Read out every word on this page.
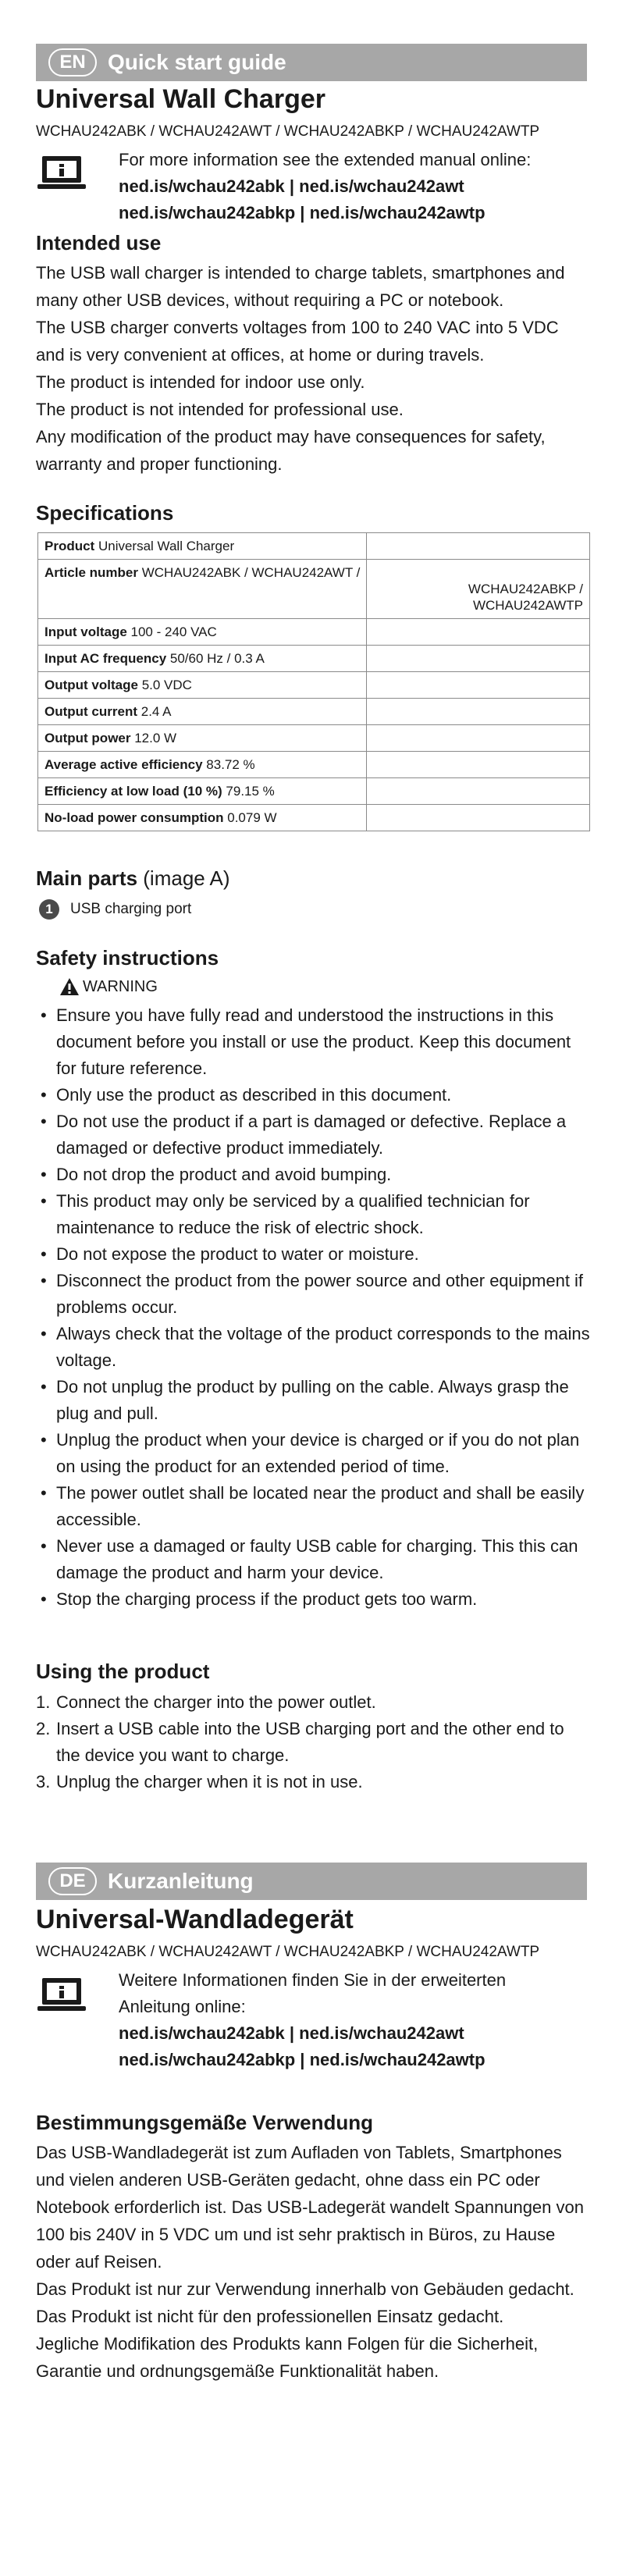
EN	Quick start guide
Universal Wall Charger
WCHAU242ABK / WCHAU242AWT / WCHAU242ABKP / WCHAU242AWTP
For more information see the extended manual online:
ned.is/wchau242abk | ned.is/wchau242awt
ned.is/wchau242abkp | ned.is/wchau242awtp
Intended use
The USB wall charger is intended to charge tablets, smartphones and many other USB devices, without requiring a PC or notebook.
The USB charger converts voltages from 100 to 240 VAC into 5 VDC and is very convenient at offices, at home or during travels.
The product is intended for indoor use only.
The product is not intended for professional use.
Any modification of the product may have consequences for safety, warranty and proper functioning.
Specifications
Product Universal Wall Charger	
Article number WCHAU242ABK / WCHAU242AWT /	WCHAU242ABKP / WCHAU242AWTP
Input voltage 100 - 240 VAC	
Input AC frequency 50/60 Hz / 0.3 A	
Output voltage 5.0 VDC	
Output current 2.4 A	
Output power 12.0 W	
Average active efficiency 83.72 %	
Efficiency at low load (10 %) 79.15 %	
No-load power consumption 0.079 W	
Main parts (image A)
1	USB charging port
Safety instructions
WARNING
• Ensure you have fully read and understood the instructions in this document before you install or use the product. Keep this document for future reference.
• Only use the product as described in this document.
• Do not use the product if a part is damaged or defective. Replace a damaged or defective product immediately.
• Do not drop the product and avoid bumping.
• This product may only be serviced by a qualified technician for maintenance to reduce the risk of electric shock.
• Do not expose the product to water or moisture.
• Disconnect the product from the power source and other equipment if problems occur.
• Always check that the voltage of the product corresponds to the mains voltage.
• Do not unplug the product by pulling on the cable. Always grasp the plug and pull.
• Unplug the product when your device is charged or if you do not plan on using the product for an extended period of time.
• The power outlet shall be located near the product and shall be easily accessible.
• Never use a damaged or faulty USB cable for charging. This this can damage the product and harm your device.
• Stop the charging process if the product gets too warm.
Using the product
1. Connect the charger into the power outlet.
2. Insert a USB cable into the USB charging port and the other end to the device you want to charge.
3. Unplug the charger when it is not in use.
DE	Kurzanleitung
Universal-Wandladegerät
WCHAU242ABK / WCHAU242AWT / WCHAU242ABKP / WCHAU242AWTP
Weitere Informationen finden Sie in der erweiterten
Anleitung online:
ned.is/wchau242abk | ned.is/wchau242awt
ned.is/wchau242abkp | ned.is/wchau242awtp
Bestimmungsgemäße Verwendung
Das USB-Wandladegerät ist zum Aufladen von Tablets, Smartphones und vielen anderen USB-Geräten gedacht, ohne dass ein PC oder Notebook erforderlich ist. Das USB-Ladegerät wandelt Spannungen von 100 bis 240V in 5 VDC um und ist sehr praktisch in Büros, zu Hause oder auf Reisen.
Das Produkt ist nur zur Verwendung innerhalb von Gebäuden gedacht.
Das Produkt ist nicht für den professionellen Einsatz gedacht.
Jegliche Modifikation des Produkts kann Folgen für die Sicherheit, Garantie und ordnungsgemäße Funktionalität haben.
